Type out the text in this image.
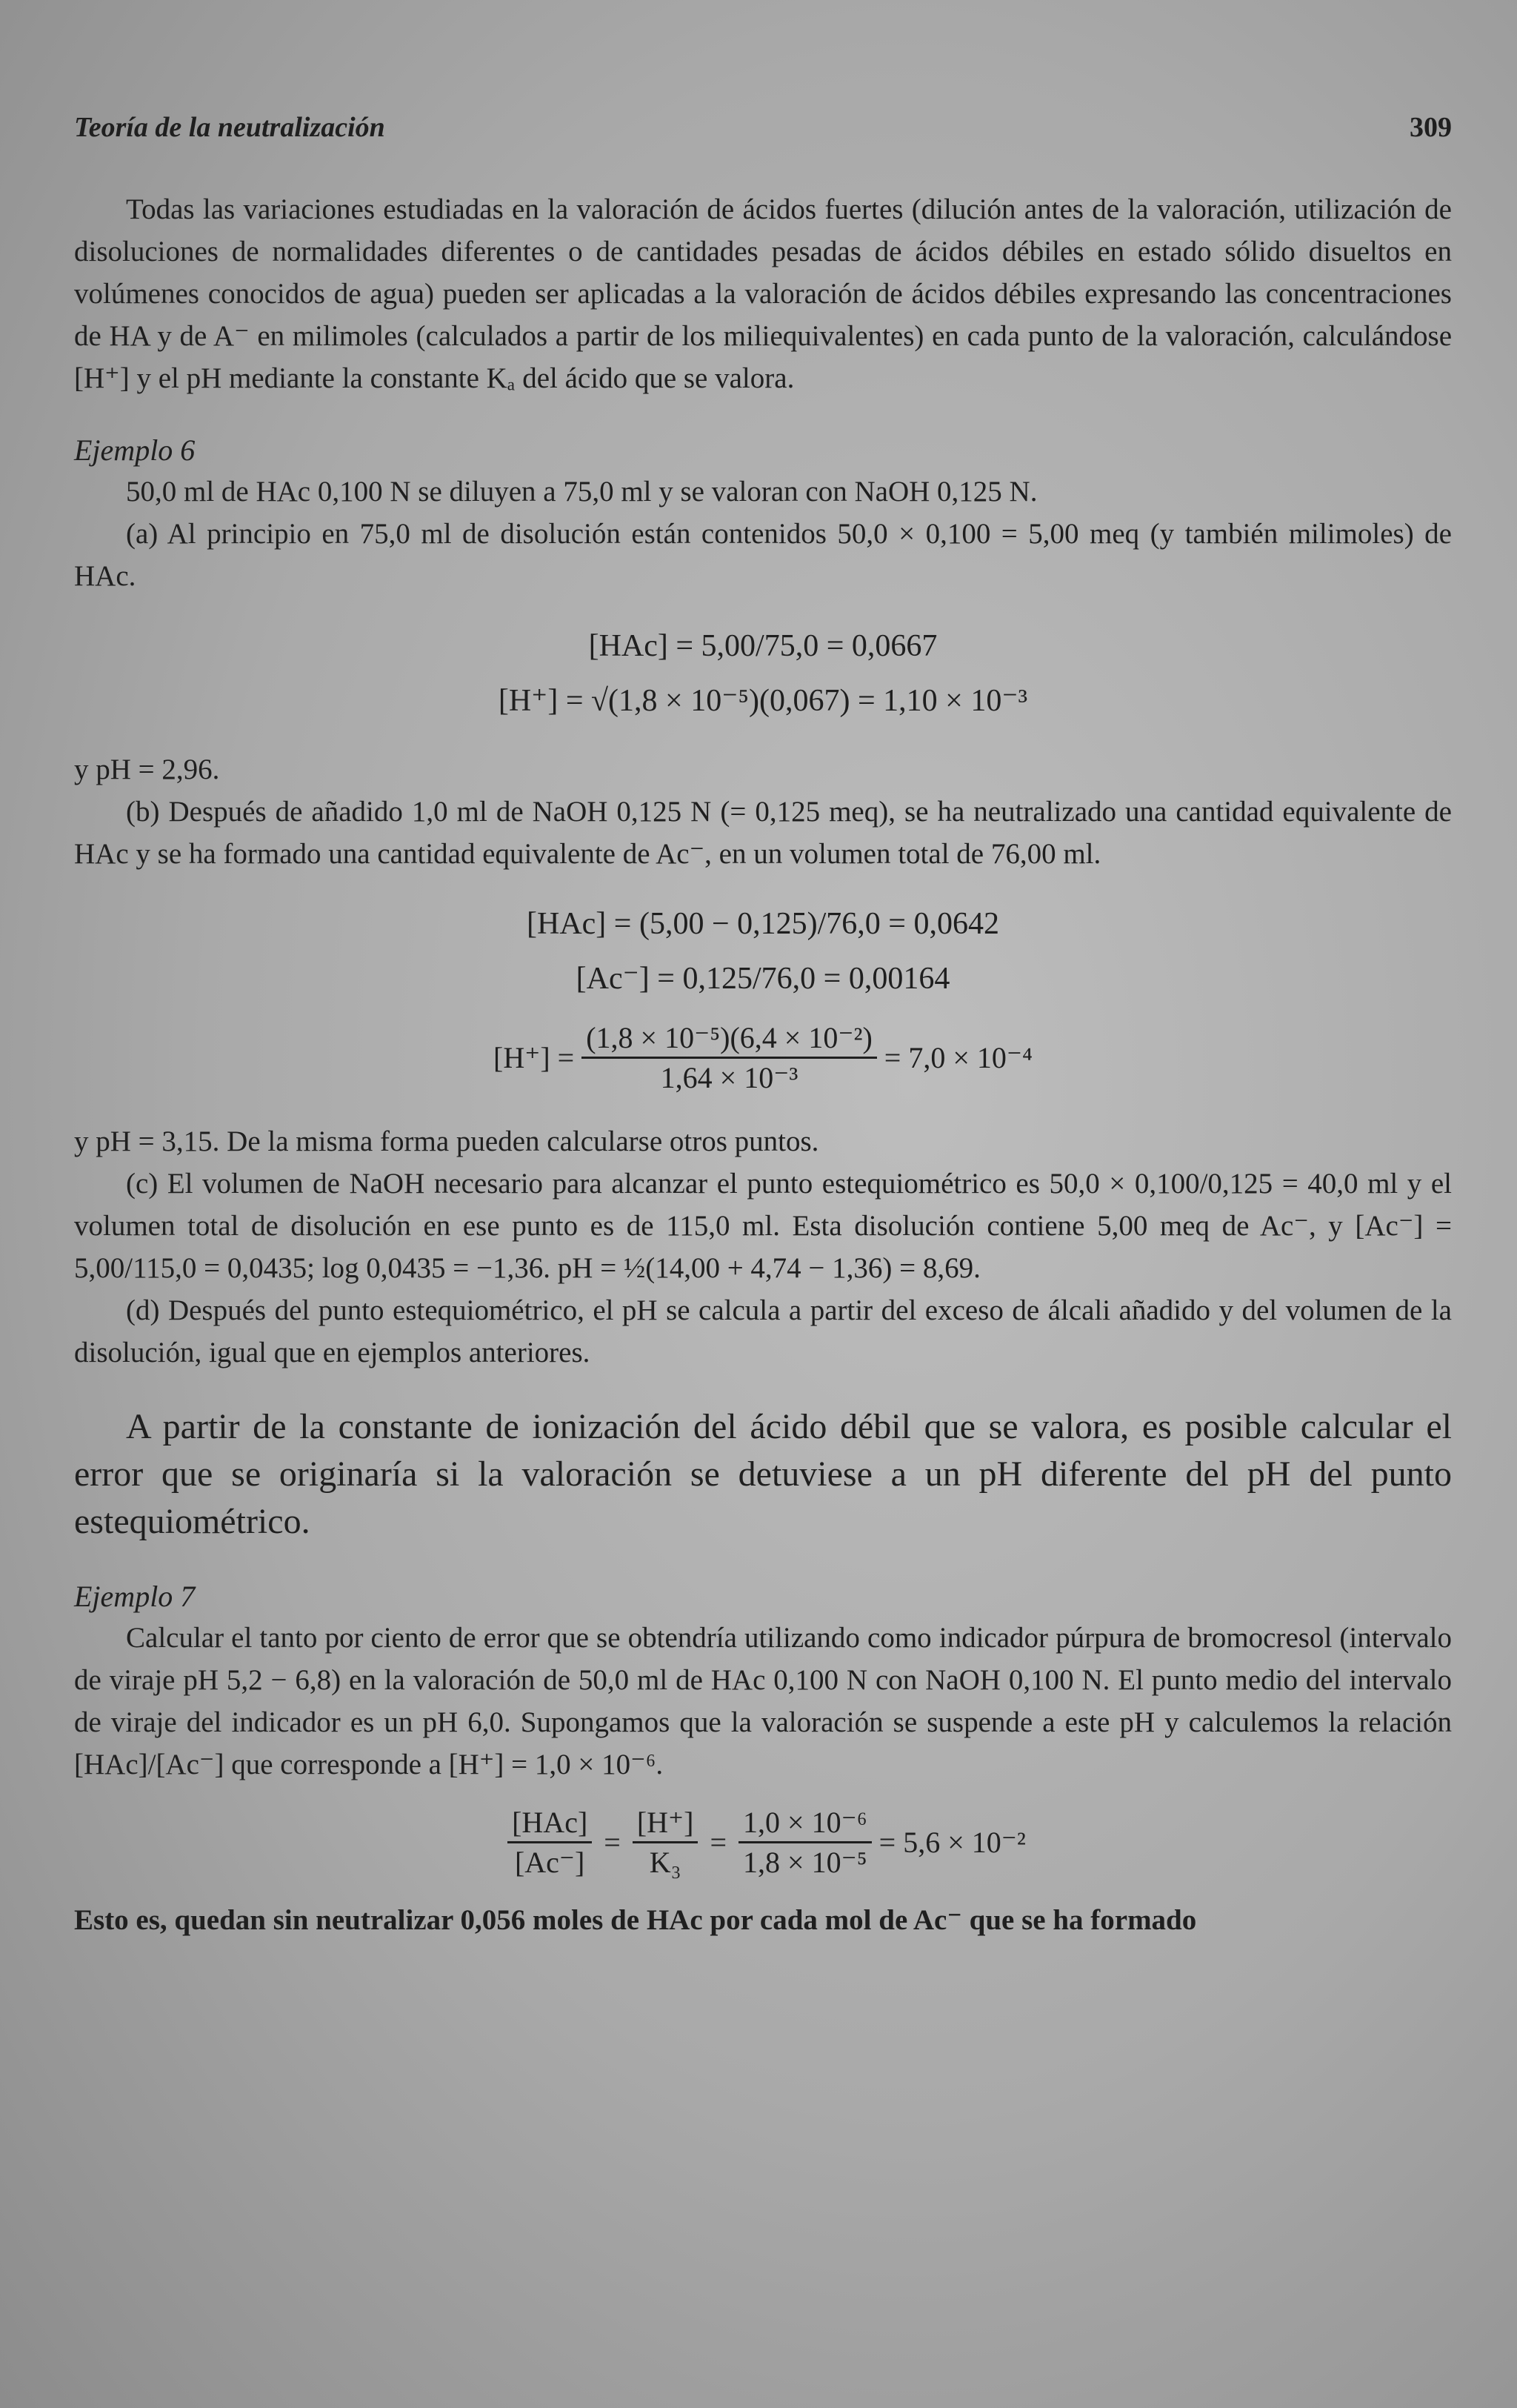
Teoría de la neutralización	309

Todas las variaciones estudiadas en la valoración de ácidos fuertes (dilución antes de la valoración, utilización de disoluciones de normalidades diferentes o de cantidades pesadas de ácidos débiles en estado sólido disueltos en volúmenes conocidos de agua) pueden ser aplicadas a la valoración de ácidos débiles expresando las concentraciones de HA y de A⁻ en milimoles (calculados a partir de los miliequivalentes) en cada punto de la valoración, calculándose [H⁺] y el pH mediante la constante Kₐ del ácido que se valora.

Ejemplo 6

50,0 ml de HAc 0,100 N se diluyen a 75,0 ml y se valoran con NaOH 0,125 N.

(a) Al principio en 75,0 ml de disolución están contenidos 50,0 × 0,100 = 5,00 meq (y también milimoles) de HAc.

[HAc] = 5,00/75,0 = 0,0667
[H⁺] = √(1,8 × 10⁻⁵)(0,067) = 1,10 × 10⁻³

y pH = 2,96.

(b) Después de añadido 1,0 ml de NaOH 0,125 N (= 0,125 meq), se ha neutralizado una cantidad equivalente de HAc y se ha formado una cantidad equivalente de Ac⁻, en un volumen total de 76,00 ml.

[HAc] = (5,00 − 0,125)/76,0 = 0,0642
[Ac⁻] = 0,125/76,0 = 0,00164
$[H^+] = \frac{\text{(1,8 × 10⁻⁵)(6,4 × 10⁻²)}}{\text{1,64 × 10⁻³}} = 7,0 \times 10^{-4}$

y pH = 3,15. De la misma forma pueden calcularse otros puntos.

(c) El volumen de NaOH necesario para alcanzar el punto estequiométrico es 50,0 × 0,100/0,125 = 40,0 ml y el volumen total de disolución en ese punto es de 115,0 ml. Esta disolución contiene 5,00 meq de Ac⁻, y [Ac⁻] = 5,00/115,0 = 0,0435; log 0,0435 = −1,36. pH = ½(14,00 + 4,74 − 1,36) = 8,69.

(d) Después del punto estequiométrico, el pH se calcula a partir del exceso de álcali añadido y del volumen de la disolución, igual que en ejemplos anteriores.

A partir de la constante de ionización del ácido débil que se valora, es posible calcular el error que se originaría si la valoración se detuviese a un pH diferente del pH del punto estequiométrico.

Ejemplo 7

Calcular el tanto por ciento de error que se obtendría utilizando como indicador púrpura de bromocresol (intervalo de viraje pH 5,2 − 6,8) en la valoración de 50,0 ml de HAc 0,100 N con NaOH 0,100 N. El punto medio del intervalo de viraje del indicador es un pH 6,0. Supongamos que la valoración se suspende a este pH y calculemos la relación [HAc]/[Ac⁻] que corresponde a [H⁺] = 1,0 × 10⁻⁶.

$\frac{\text{[HAc]}}{[Ac^-]} = \frac{[H^+]}{\text{K₃}} = \frac{\text{1,0 × 10⁻⁶}}{\text{1,8 × 10⁻⁵}} = 5,6 \times 10^{-2}$

Esto es, quedan sin neutralizar 0,056 moles de HAc por cada mol de Ac⁻ que se ha formado
